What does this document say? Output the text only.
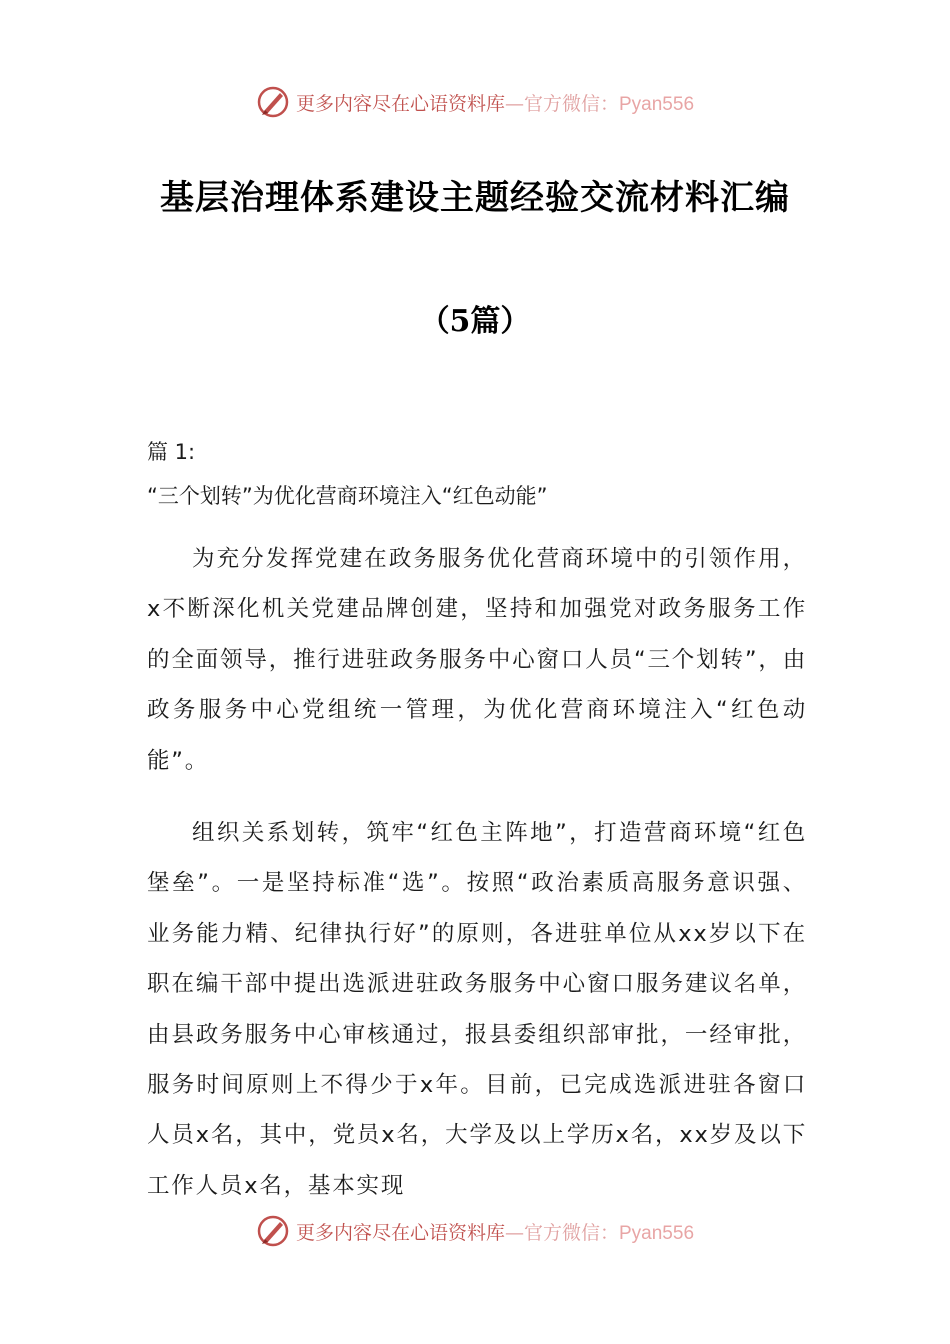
更多内容尽在心语资料库—官方微信：Pyan556
基层治理体系建设主题经验交流材料汇编
（5篇）

篇 1:

“三个划转”为优化营商环境注入“红色动能”

为充分发挥党建在政务服务优化营商环境中的引领作用，x不断深化机关党建品牌创建，坚持和加强党对政务服务工作的全面领导，推行进驻政务服务中心窗口人员“三个划转”，由政务服务中心党组统一管理，为优化营商环境注入“红色动能”。

组织关系划转，筑牢“红色主阵地”，打造营商环境“红色堡垒”。一是坚持标准“选”。按照“政治素质高服务意识强、业务能力精、纪律执行好”的原则，各进驻单位从xx岁以下在职在编干部中提出选派进驻政务服务中心窗口服务建议名单，由县政务服务中心审核通过，报县委组织部审批，一经审批，服务时间原则上不得少于x年。目前，已完成选派进驻各窗口人员x名，其中，党员x名，大学及以上学历x名，xx岁及以下工作人员x名，基本实现

更多内容尽在心语资料库—官方微信：Pyan556
